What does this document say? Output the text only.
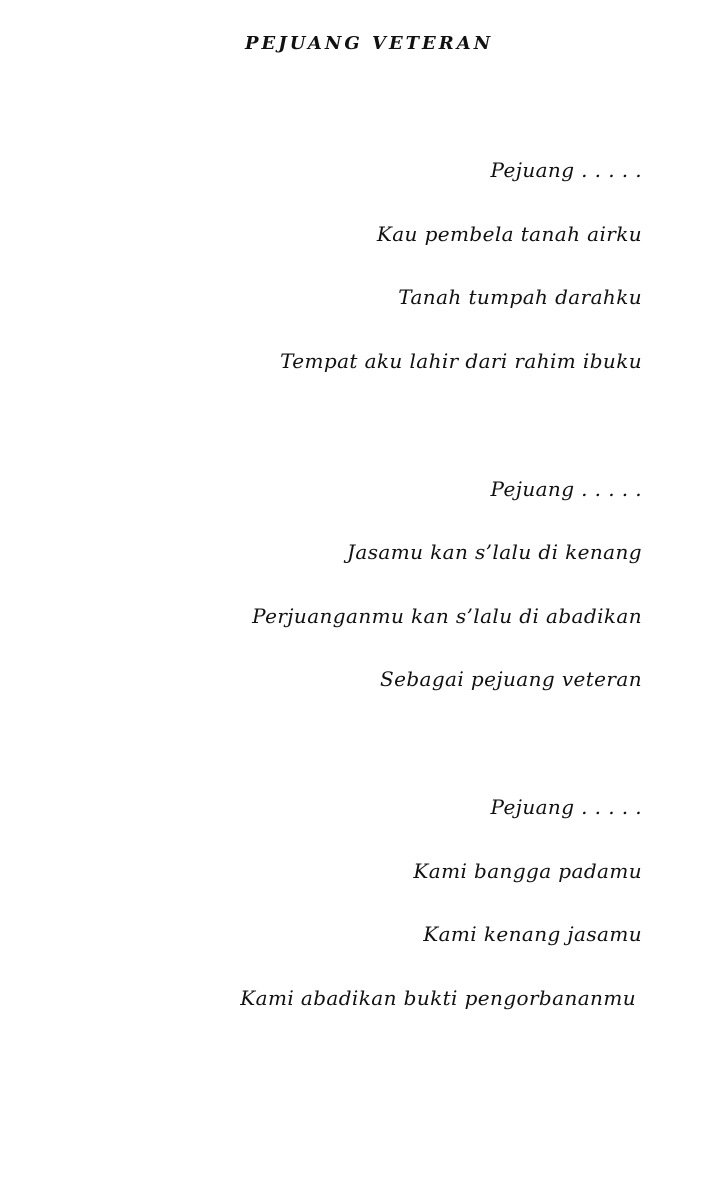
PEJUANG VETERAN
Pejuang . . . . .
Kau pembela tanah airku
Tanah tumpah darahku
Tempat aku lahir dari rahim ibuku
Pejuang . . . . .
Jasamu kan s’lalu di kenang
Perjuanganmu kan s’lalu di abadikan
Sebagai pejuang veteran
Pejuang . . . . .
Kami bangga padamu
Kami kenang jasamu
Kami abadikan bukti pengorbananmu
